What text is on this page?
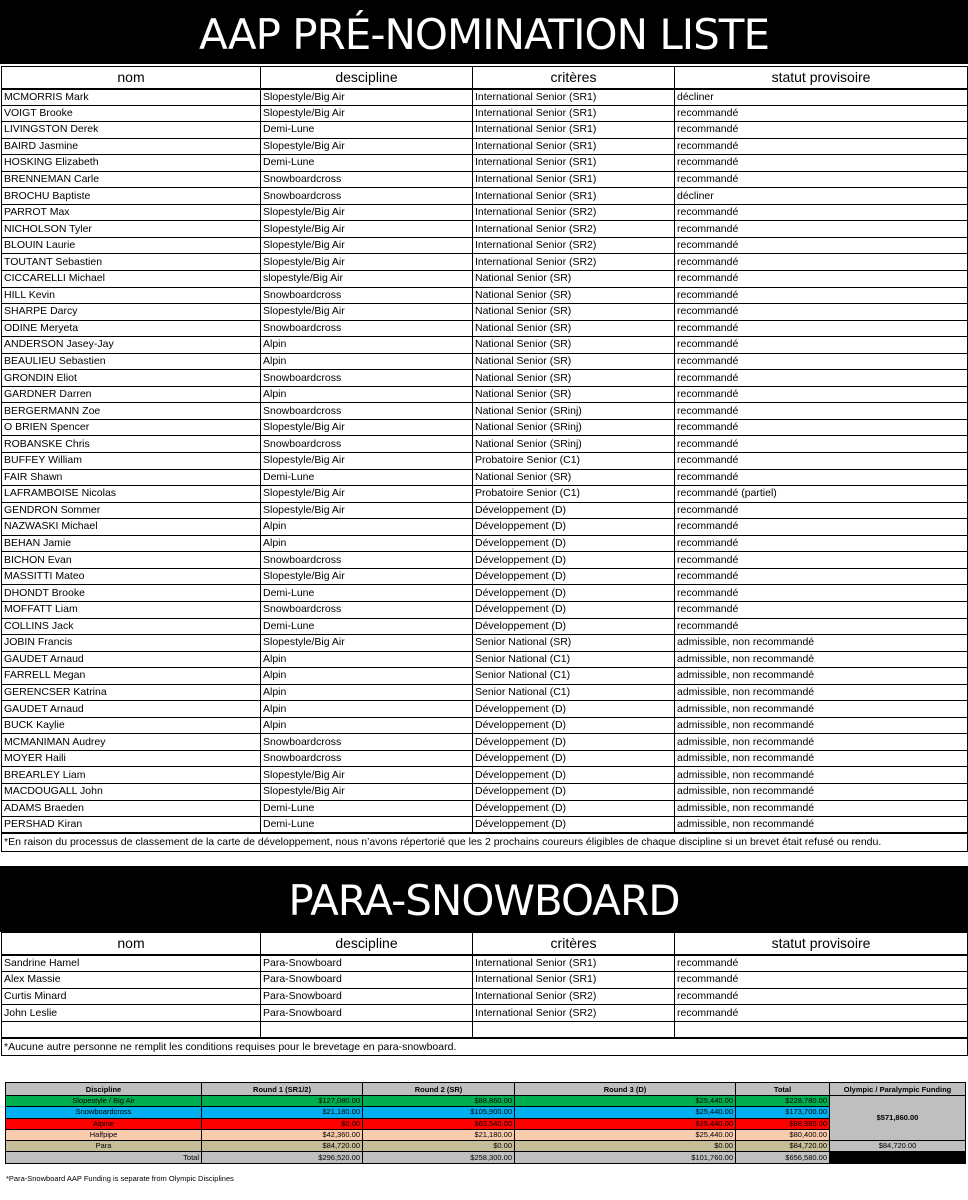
AAP PRÉ-NOMINATION LISTE
nom	descipline	critères	statut provisoire
MCMORRIS Mark	Slopestyle/Big Air	International Senior (SR1)	décliner
VOIGT Brooke	Slopestyle/Big Air	International Senior (SR1)	recommandé
LIVINGSTON Derek	Demi-Lune	International Senior (SR1)	recommandé
BAIRD Jasmine	Slopestyle/Big Air	International Senior (SR1)	recommandé
HOSKING Elizabeth	Demi-Lune	International Senior (SR1)	recommandé
BRENNEMAN Carle	Snowboardcross	International Senior (SR1)	recommandé
BROCHU Baptiste	Snowboardcross	International Senior (SR1)	décliner
PARROT Max	Slopestyle/Big Air	International Senior (SR2)	recommandé
NICHOLSON Tyler	Slopestyle/Big Air	International Senior (SR2)	recommandé
BLOUIN Laurie	Slopestyle/Big Air	International Senior (SR2)	recommandé
TOUTANT Sebastien	Slopestyle/Big Air	International Senior (SR2)	recommandé
CICCARELLI Michael	slopestyle/Big Air	National Senior (SR)	recommandé
HILL Kevin	Snowboardcross	National Senior (SR)	recommandé
SHARPE Darcy	Slopestyle/Big Air	National Senior (SR)	recommandé
ODINE Meryeta	Snowboardcross	National Senior (SR)	recommandé
ANDERSON Jasey-Jay	Alpin	National Senior (SR)	recommandé
BEAULIEU Sebastien	Alpin	National Senior (SR)	recommandé
GRONDIN Eliot	Snowboardcross	National Senior (SR)	recommandé
GARDNER Darren	Alpin	National Senior (SR)	recommandé
BERGERMANN Zoe	Snowboardcross	National Senior (SRinj)	recommandé
O BRIEN Spencer	Slopestyle/Big Air	National Senior (SRinj)	recommandé
ROBANSKE Chris	Snowboardcross	National Senior (SRinj)	recommandé
BUFFEY William	Slopestyle/Big Air	Probatoire Senior (C1)	recommandé
FAIR Shawn	Demi-Lune	National Senior (SR)	recommandé
LAFRAMBOISE Nicolas	Slopestyle/Big Air	Probatoire Senior (C1)	recommandé (partiel)
GENDRON Sommer	Slopestyle/Big Air	Développement (D)	recommandé
NAZWASKI Michael	Alpin	Développement (D)	recommandé
BEHAN Jamie	Alpin	Développement (D)	recommandé
BICHON Evan	Snowboardcross	Développement (D)	recommandé
MASSITTI Mateo	Slopestyle/Big Air	Développement (D)	recommandé
DHONDT Brooke	Demi-Lune	Développement (D)	recommandé
MOFFATT Liam	Snowboardcross	Développement (D)	recommandé
COLLINS Jack	Demi-Lune	Développement (D)	recommandé
JOBIN Francis	Slopestyle/Big Air	Senior National (SR)	admissible, non recommandé
GAUDET Arnaud	Alpin	Senior National (C1)	admissible, non recommandé
FARRELL Megan	Alpin	Senior National (C1)	admissible, non recommandé
GERENCSER Katrina	Alpin	Senior National (C1)	admissible, non recommandé
GAUDET Arnaud	Alpin	Développement (D)	admissible, non recommandé
BUCK Kaylie	Alpin	Développement (D)	admissible, non recommandé
MCMANIMAN Audrey	Snowboardcross	Développement (D)	admissible, non recommandé
MOYER Haili	Snowboardcross	Développement (D)	admissible, non recommandé
BREARLEY Liam	Slopestyle/Big Air	Développement (D)	admissible, non recommandé
MACDOUGALL John	Slopestyle/Big Air	Développement (D)	admissible, non recommandé
ADAMS Braeden	Demi-Lune	Développement (D)	admissible, non recommandé
PERSHAD Kiran	Demi-Lune	Développement (D)	admissible, non recommandé
*En raison du processus de classement de la carte de développement, nous n’avons répertorié que les 2 prochains coureurs éligibles de chaque discipline si un brevet était refusé ou rendu.			
PARA-SNOWBOARD
nom	descipline	critères	statut provisoire
Sandrine Hamel	Para-Snowboard	International Senior (SR1)	recommandé
Alex Massie	Para-Snowboard	International Senior (SR1)	recommandé
Curtis Minard	Para-Snowboard	International Senior (SR2)	recommandé
John Leslie	Para-Snowboard	International Senior (SR2)	recommandé

*Aucune autre personne ne remplit les conditions requises pour le brevetage en para-snowboard.			
Discipline	Round 1 (SR1/2)	Round 2 (SR)	Round 3 (D)	Total	Olympic / Paralympic Funding
Slopestyle / Big Air	$127,080.00	$88,860.00	$25,440.00	$228,780.00	$571,860.00
Snowboardcross	$21,180.00	$105,900.00	$25,440.00	$173,700.00	
Alpine	$0.00	$63,540.00	$25,440.00	$88,980.00	
Halfpipe	$42,360.00	$21,180.00	$25,440.00	$80,400.00	
Para	$84,720.00	$0.00	$0.00	$84,720.00	$84,720.00
Total	$296,520.00	$258,300.00	$101,760.00	$656,580.00	
*Para-Snowboard AAP Funding is separate from Olympic Disciplines
